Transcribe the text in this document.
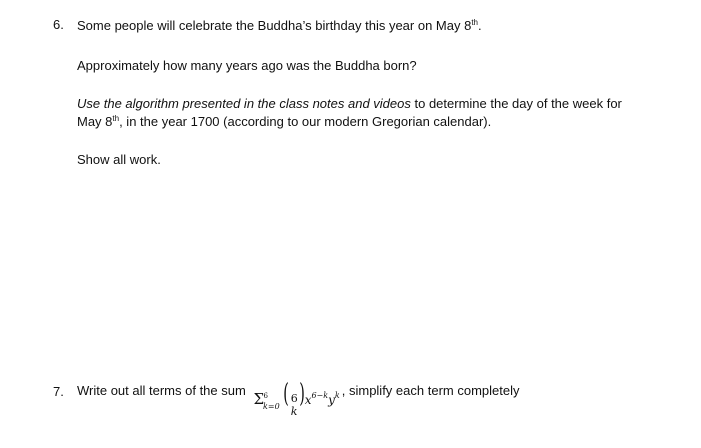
6. Some people will celebrate the Buddha’s birthday this year on May 8th.
Approximately how many years ago was the Buddha born?
Use the algorithm presented in the class notes and videos to determine the day of the week for
May 8th, in the year 1700 (according to our modern Gregorian calendar).
Show all work.
7. Write out all terms of the sum Σ 6
$_{k=0}$ ( 6
k
) $x^{6-k}y^k$ , simplify each term completely
